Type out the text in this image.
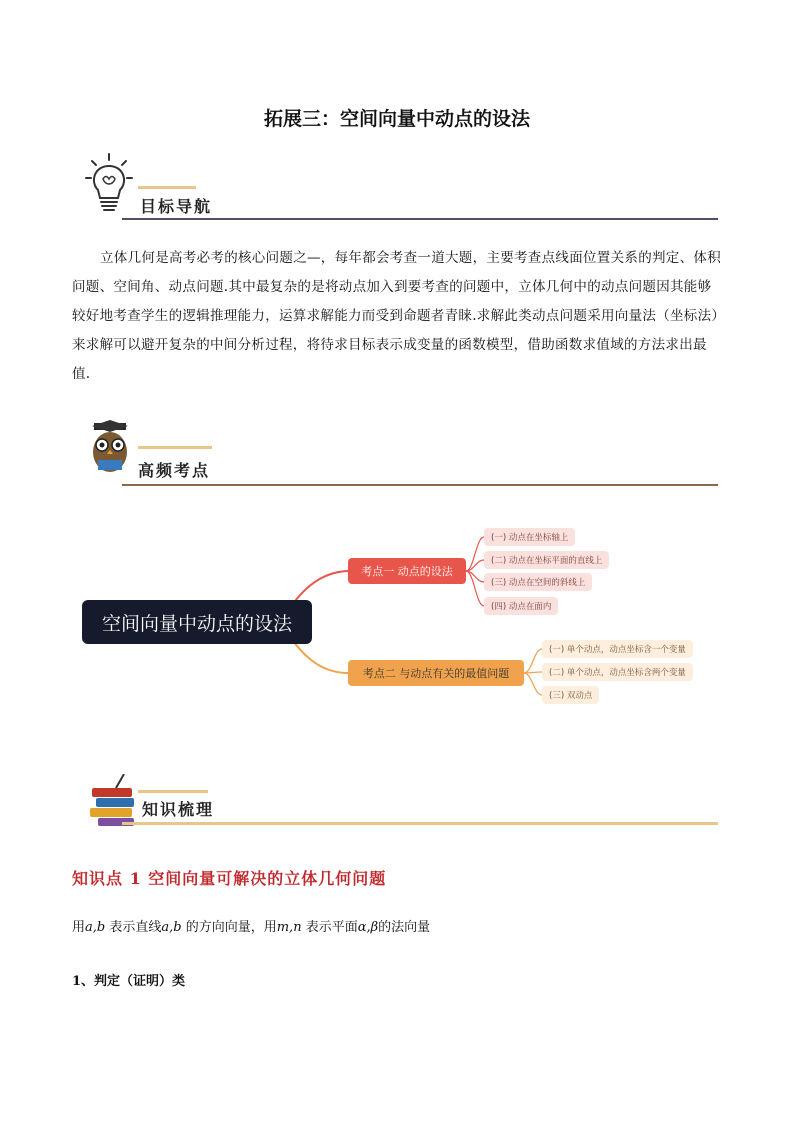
拓展三：空间向量中动点的设法
目标导航
立体几何是高考必考的核心问题之—，每年都会考查一道大题，主要考查点线面位置关系的判定、体积问题、空间角、动点问题.其中最复杂的是将动点加入到要考查的问题中，立体几何中的动点问题因其能够较好地考查学生的逻辑推理能力，运算求解能力而受到命题者青睐.求解此类动点问题采用向量法（坐标法）来求解可以避开复杂的中间分析过程，将待求目标表示成变量的函数模型，借助函数求值域的方法求出最值.
高频考点
空间向量中动点的设法
考点一 动点的设法
考点二 与动点有关的最值问题
(一) 动点在坐标轴上
(二) 动点在坐标平面的直线上
(三) 动点在空间的斜线上
(四) 动点在面内
(一) 单个动点，动点坐标含一个变量
(二) 单个动点，动点坐标含两个变量
(三) 双动点
知识梳理
知识点 1 空间向量可解决的立体几何问题
用a,b 表示直线a,b 的方向向量，用m,n 表示平面α,β的法向量
1、判定（证明）类
